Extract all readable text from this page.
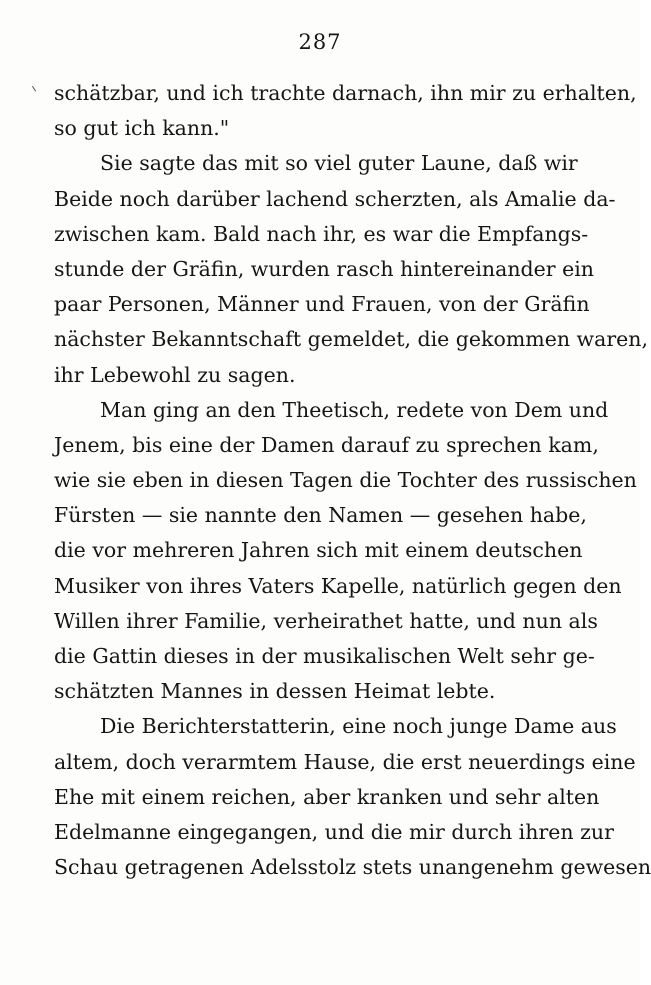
287
schätzbar, und ich trachte darnach, ihn mir zu erhalten,
so gut ich kann."
Sie sagte das mit so viel guter Laune, daß wir
Beide noch darüber lachend scherzten, als Amalie da-
zwischen kam. Bald nach ihr, es war die Empfangs-
stunde der Gräfin, wurden rasch hintereinander ein
paar Personen, Männer und Frauen, von der Gräfin
nächster Bekanntschaft gemeldet, die gekommen waren,
ihr Lebewohl zu sagen.
Man ging an den Theetisch, redete von Dem und
Jenem, bis eine der Damen darauf zu sprechen kam,
wie sie eben in diesen Tagen die Tochter des russischen
Fürsten — sie nannte den Namen — gesehen habe,
die vor mehreren Jahren sich mit einem deutschen
Musiker von ihres Vaters Kapelle, natürlich gegen den
Willen ihrer Familie, verheirathet hatte, und nun als
die Gattin dieses in der musikalischen Welt sehr ge-
schätzten Mannes in dessen Heimat lebte.
Die Berichterstatterin, eine noch junge Dame aus
altem, doch verarmtem Hause, die erst neuerdings eine
Ehe mit einem reichen, aber kranken und sehr alten
Edelmanne eingegangen, und die mir durch ihren zur
Schau getragenen Adelsstolz stets unangenehm gewesen
